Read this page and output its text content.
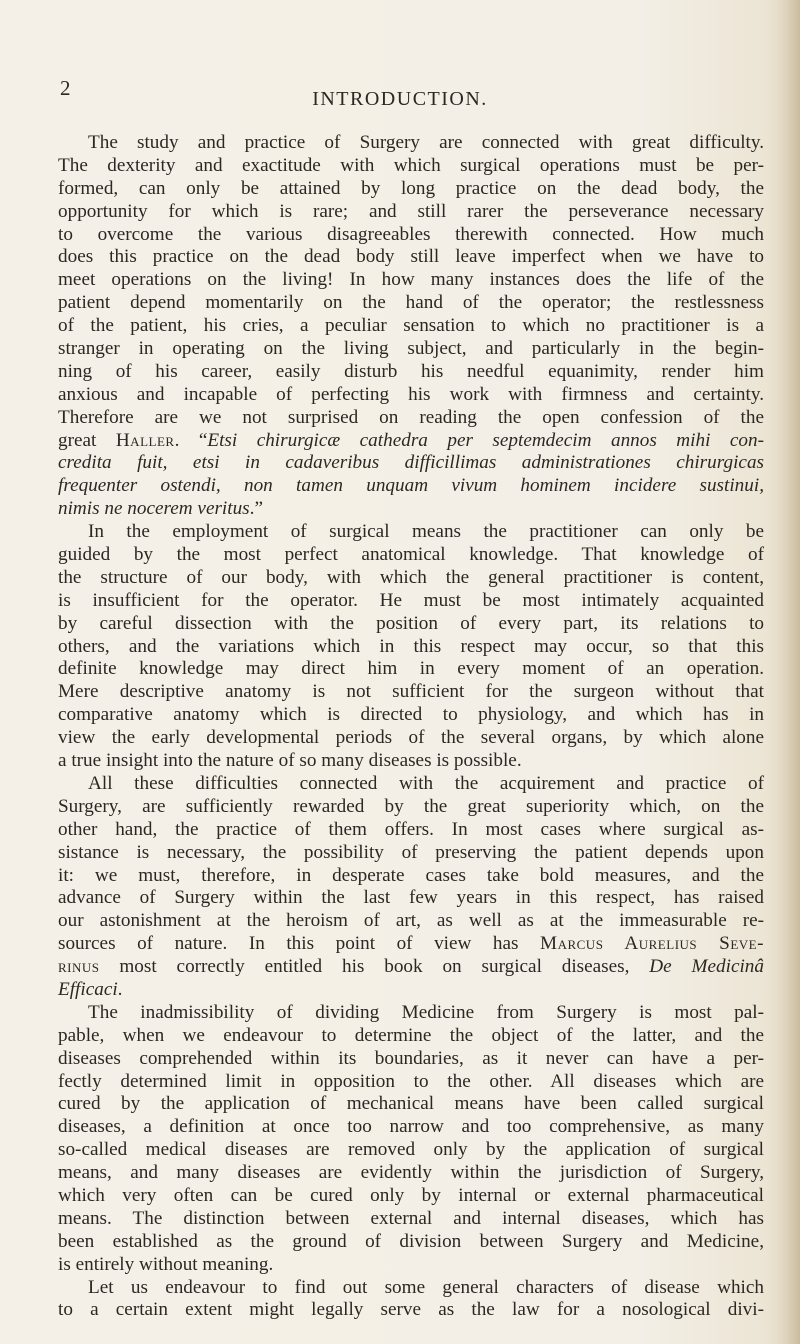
2	INTRODUCTION.
The study and practice of Surgery are connected with great difficulty.
The dexterity and exactitude with which surgical operations must be per-
formed, can only be attained by long practice on the dead body, the
opportunity for which is rare; and still rarer the perseverance necessary
to overcome the various disagreeables therewith connected. How much
does this practice on the dead body still leave imperfect when we have to
meet operations on the living! In how many instances does the life of the
patient depend momentarily on the hand of the operator; the restlessness
of the patient, his cries, a peculiar sensation to which no practitioner is a
stranger in operating on the living subject, and particularly in the begin-
ning of his career, easily disturb his needful equanimity, render him
anxious and incapable of perfecting his work with firmness and certainty.
Therefore are we not surprised on reading the open confession of the
great Haller. “Etsi chirurgicæ cathedra per septemdecim annos mihi con-
credita fuit, etsi in cadaveribus difficillimas administrationes chirurgicas
frequenter ostendi, non tamen unquam vivum hominem incidere sustinui,
nimis ne nocerem veritus.”
In the employment of surgical means the practitioner can only be
guided by the most perfect anatomical knowledge. That knowledge of
the structure of our body, with which the general practitioner is content,
is insufficient for the operator. He must be most intimately acquainted
by careful dissection with the position of every part, its relations to
others, and the variations which in this respect may occur, so that this
definite knowledge may direct him in every moment of an operation.
Mere descriptive anatomy is not sufficient for the surgeon without that
comparative anatomy which is directed to physiology, and which has in
view the early developmental periods of the several organs, by which alone
a true insight into the nature of so many diseases is possible.
All these difficulties connected with the acquirement and practice of
Surgery, are sufficiently rewarded by the great superiority which, on the
other hand, the practice of them offers. In most cases where surgical as-
sistance is necessary, the possibility of preserving the patient depends upon
it: we must, therefore, in desperate cases take bold measures, and the
advance of Surgery within the last few years in this respect, has raised
our astonishment at the heroism of art, as well as at the immeasurable re-
sources of nature. In this point of view has Marcus Aurelius Seve-
rinus most correctly entitled his book on surgical diseases, De Medicinâ
Efficaci.
The inadmissibility of dividing Medicine from Surgery is most pal-
pable, when we endeavour to determine the object of the latter, and the
diseases comprehended within its boundaries, as it never can have a per-
fectly determined limit in opposition to the other. All diseases which are
cured by the application of mechanical means have been called surgical
diseases, a definition at once too narrow and too comprehensive, as many
so-called medical diseases are removed only by the application of surgical
means, and many diseases are evidently within the jurisdiction of Surgery,
which very often can be cured only by internal or external pharmaceutical
means. The distinction between external and internal diseases, which has
been established as the ground of division between Surgery and Medicine,
is entirely without meaning.
Let us endeavour to find out some general characters of disease which
to a certain extent might legally serve as the law for a nosological divi-
